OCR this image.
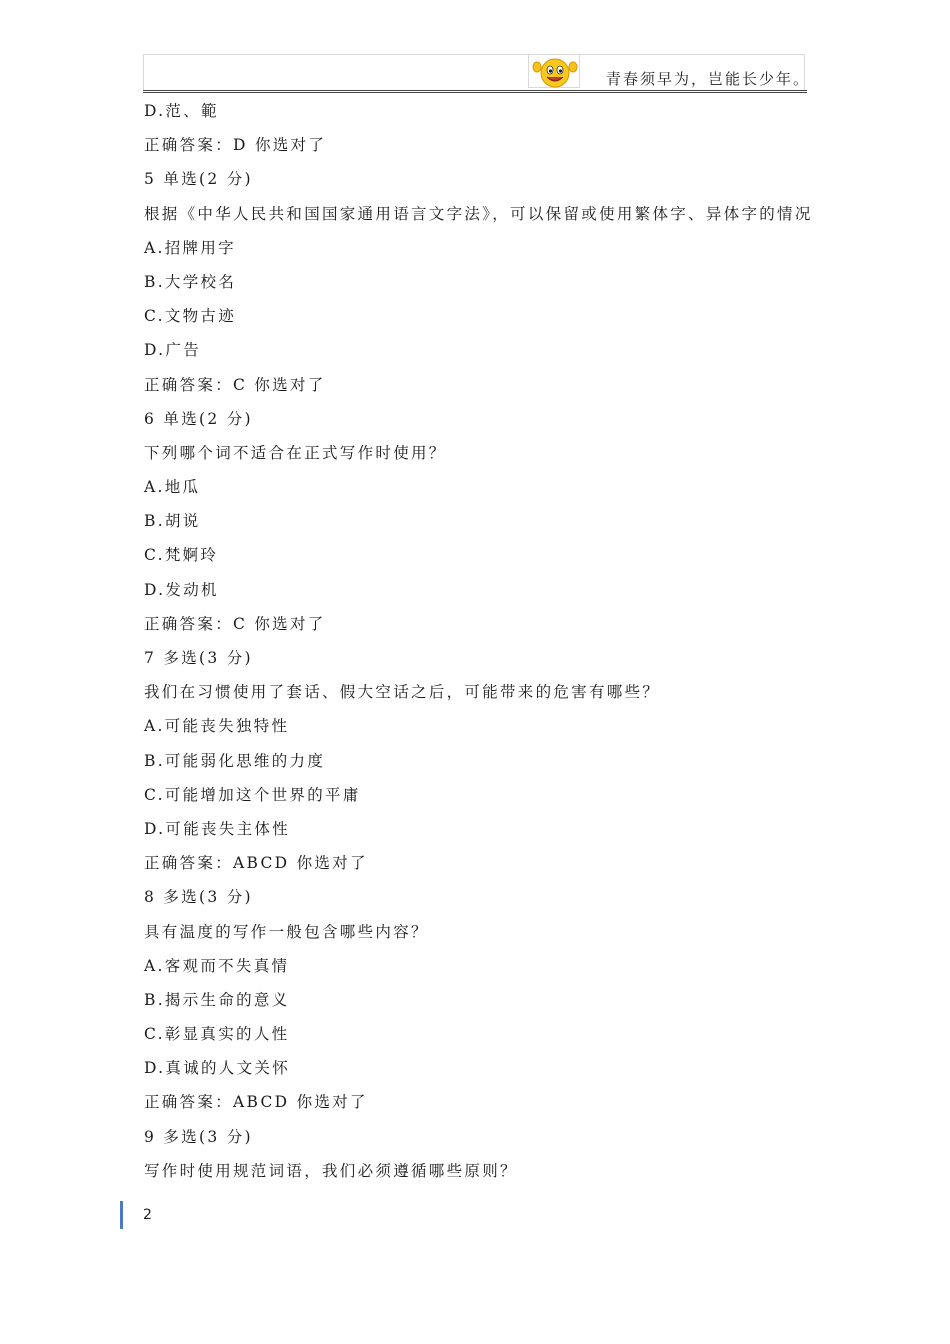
青春须早为，岂能长少年。
D.范、範
正确答案：D 你选对了
5 单选(2 分)
根据《中华人民共和国国家通用语言文字法》，可以保留或使用繁体字、异体字的情况
A.招牌用字
B.大学校名
C.文物古迹
D.广告
正确答案：C 你选对了
6 单选(2 分)
下列哪个词不适合在正式写作时使用？
A.地瓜
B.胡说
C.梵婀玲
D.发动机
正确答案：C 你选对了
7 多选(3 分)
我们在习惯使用了套话、假大空话之后，可能带来的危害有哪些？
A.可能丧失独特性
B.可能弱化思维的力度
C.可能增加这个世界的平庸
D.可能丧失主体性
正确答案：ABCD 你选对了
8 多选(3 分)
具有温度的写作一般包含哪些内容？
A.客观而不失真情
B.揭示生命的意义
C.彰显真实的人性
D.真诚的人文关怀
正确答案：ABCD 你选对了
9 多选(3 分)
写作时使用规范词语，我们必须遵循哪些原则？
2
